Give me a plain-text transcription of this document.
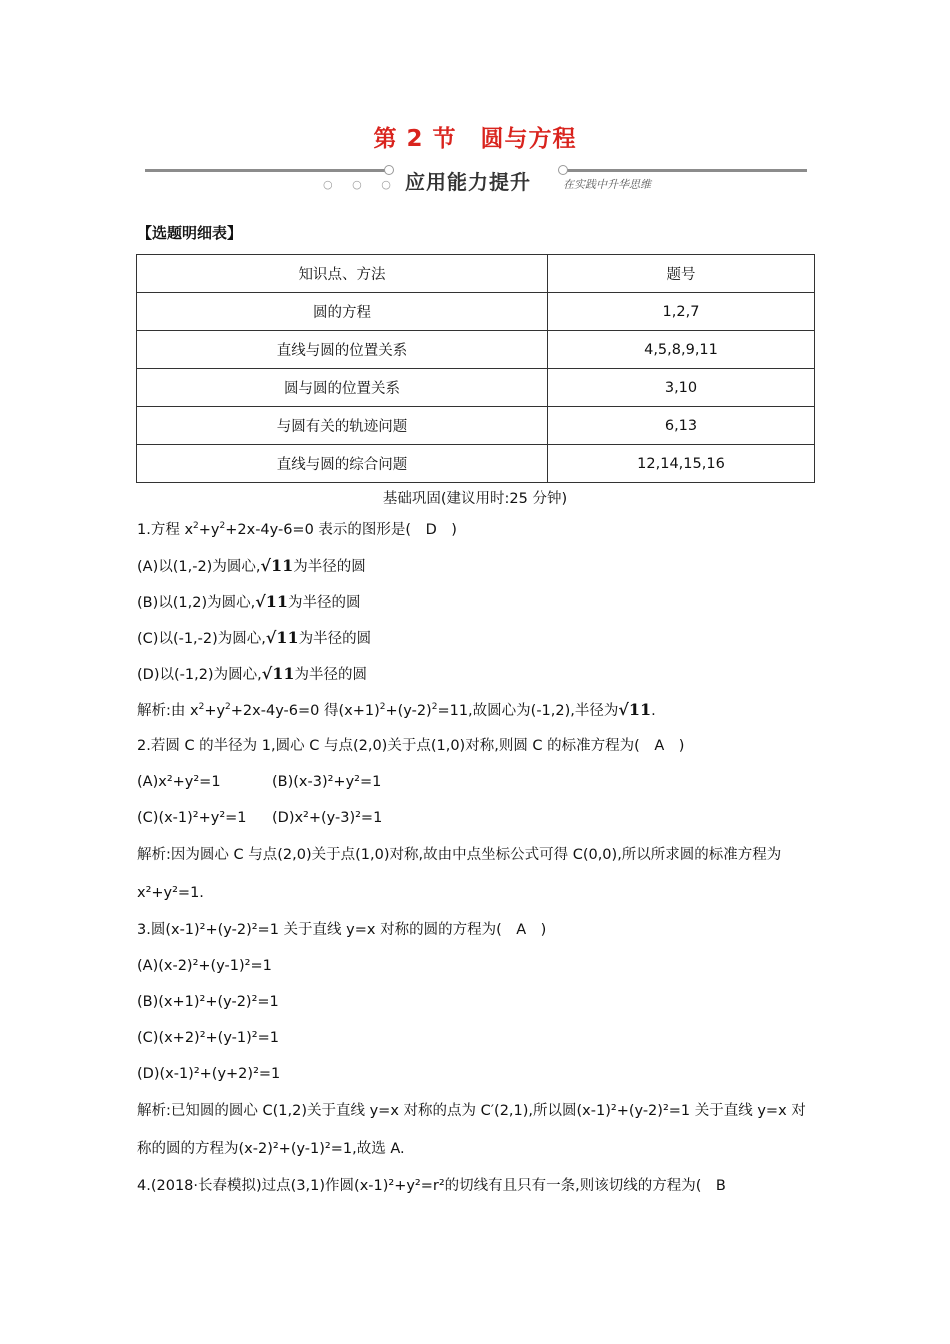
第 2 节　圆与方程
○ ○ ○ 应用能力提升	在实践中升华思维
【选题明细表】
知识点、方法	题号
圆的方程	1,2,7
直线与圆的位置关系	4,5,8,9,11
圆与圆的位置关系	3,10
与圆有关的轨迹问题	6,13
直线与圆的综合问题	12,14,15,16
基础巩固(建议用时:25 分钟)

1.方程 $x^2+y^2+2x-4y-6=0$ 表示的图形是(　D　)

(A)以(1,-2)为圆心,√11为半径的圆

(B)以(1,2)为圆心,√11为半径的圆

(C)以(-1,-2)为圆心,√11为半径的圆

(D)以(-1,2)为圆心,√11为半径的圆

解析:由 $x^2+y^2+2x-4y-6=0$ 得$(x+1)^2+(y-2)^2=11$,故圆心为(-1,2),半径为√11.

2.若圆 C 的半径为 1,圆心 C 与点(2,0)关于点(1,0)对称,则圆 C 的标准方程为(　A　)

(A)x²+y²=1	(B)(x-3)²+y²=1

(C)(x-1)²+y²=1 (D)x²+(y-3)²=1

解析:因为圆心 C 与点(2,0)关于点(1,0)对称,故由中点坐标公式可得 C(0,0),所以所求圆的标准方程为 x²+y²=1.

3.圆(x-1)²+(y-2)²=1 关于直线 y=x 对称的圆的方程为(　A　)

(A)(x-2)²+(y-1)²=1

(B)(x+1)²+(y-2)²=1

(C)(x+2)²+(y-1)²=1

(D)(x-1)²+(y+2)²=1

解析:已知圆的圆心 C(1,2)关于直线 y=x 对称的点为 C′(2,1),所以圆(x-1)²+(y-2)²=1 关于直线 y=x 对称的圆的方程为(x-2)²+(y-1)²=1,故选 A.

4.(2018·长春模拟)过点(3,1)作圆(x-1)²+y²=r²的切线有且只有一条,则该切线的方程为(　B
